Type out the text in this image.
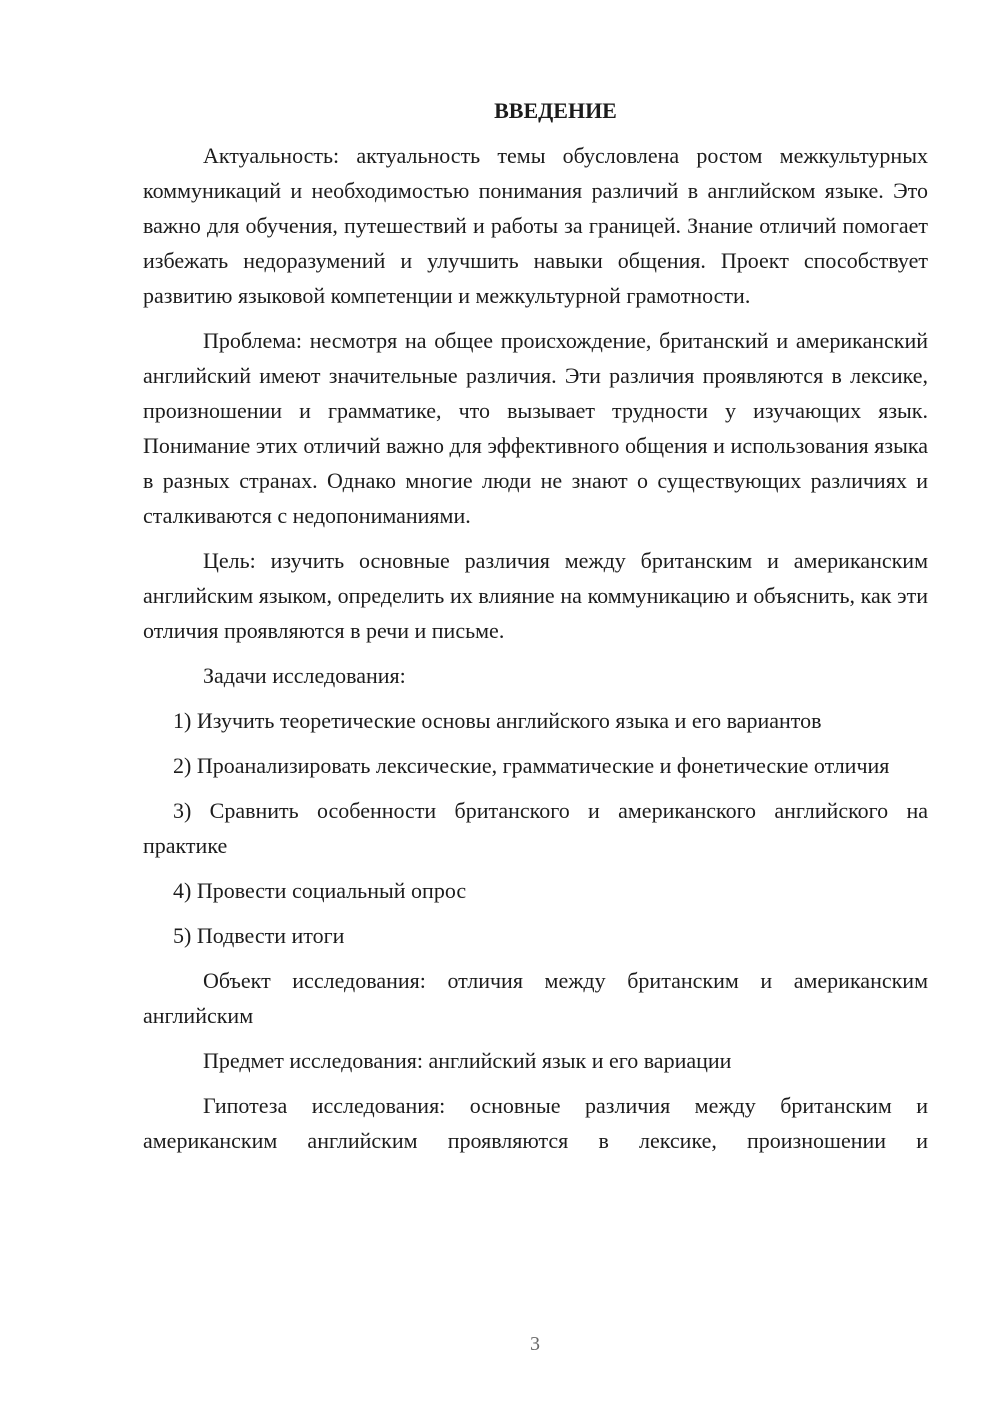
ВВЕДЕНИЕ

Актуальность: актуальность темы обусловлена ростом межкультурных коммуникаций и необходимостью понимания различий в английском языке. Это важно для обучения, путешествий и работы за границей. Знание отличий помогает избежать недоразумений и улучшить навыки общения. Проект способствует развитию языковой компетенции и межкультурной грамотности.

Проблема: несмотря на общее происхождение, британский и американский английский имеют значительные различия. Эти различия проявляются в лексике, произношении и грамматике, что вызывает трудности у изучающих язык. Понимание этих отличий важно для эффективного общения и использования языка в разных странах. Однако многие люди не знают о существующих различиях и сталкиваются с недопониманиями.

Цель: изучить основные различия между британским и американским английским языком, определить их влияние на коммуникацию и объяснить, как эти отличия проявляются в речи и письме.

Задачи исследования:

1) Изучить теоретические основы английского языка и его вариантов

2) Проанализировать лексические, грамматические и фонетические отличия

3) Сравнить особенности британского и американского английского на практике

4) Провести социальный опрос

5) Подвести итоги

Объект исследования: отличия между британским и американским английским

Предмет исследования: английский язык и его вариации

Гипотеза исследования: основные различия между британским и американским английским проявляются в лексике, произношении и

3
